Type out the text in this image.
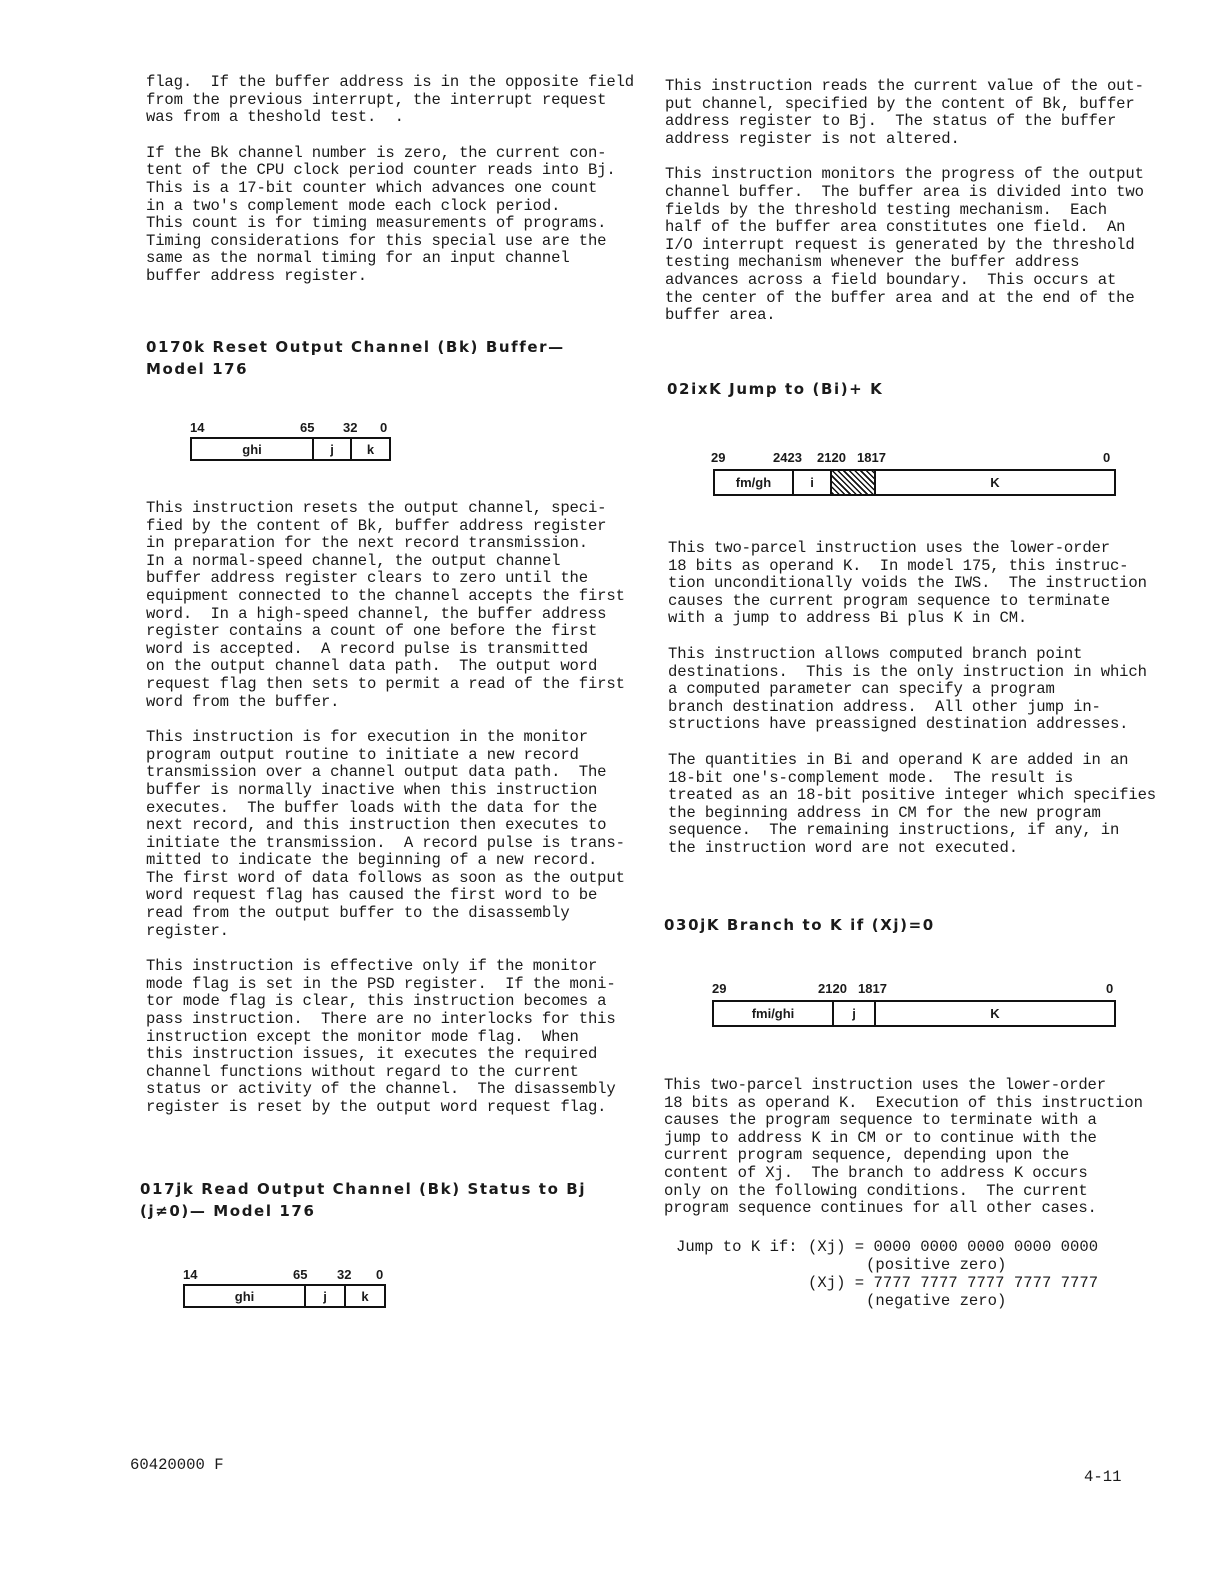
flag.  If the buffer address is in the opposite field
from the previous interrupt, the interrupt request
was from a theshold test.  .

If the Bk channel number is zero, the current con-
tent of the CPU clock period counter reads into Bj.
This is a 17-bit counter which advances one count
in a two's complement mode each clock period.
This count is for timing measurements of programs.
Timing considerations for this special use are the
same as the normal timing for an input channel
buffer address register.

0170k Reset Output Channel (Bk) Buffer—
Model 176
14	65 32 0
ghi	j	k

This instruction resets the output channel, speci-
fied by the content of Bk, buffer address register
in preparation for the next record transmission.
In a normal-speed channel, the output channel
buffer address register clears to zero until the
equipment connected to the channel accepts the first
word.  In a high-speed channel, the buffer address
register contains a count of one before the first
word is accepted.  A record pulse is transmitted
on the output channel data path.  The output word
request flag then sets to permit a read of the first
word from the buffer.

This instruction is for execution in the monitor
program output routine to initiate a new record
transmission over a channel output data path.  The
buffer is normally inactive when this instruction
executes.  The buffer loads with the data for the
next record, and this instruction then executes to
initiate the transmission.  A record pulse is trans-
mitted to indicate the beginning of a new record.
The first word of data follows as soon as the output
word request flag has caused the first word to be
read from the output buffer to the disassembly
register.

This instruction is effective only if the monitor
mode flag is set in the PSD register.  If the moni-
tor mode flag is clear, this instruction becomes a
pass instruction.  There are no interlocks for this
instruction except the monitor mode flag.  When
this instruction issues, it executes the required
channel functions without regard to the current
status or activity of the channel.  The disassembly
register is reset by the output word request flag.

017jk Read Output Channel (Bk) Status to Bj
(j≠0)— Model 176
14	65 32 0
ghi	j	k
60420000 F

This instruction reads the current value of the out-
put channel, specified by the content of Bk, buffer
address register to Bj.  The status of the buffer
address register is not altered.

This instruction monitors the progress of the output
channel buffer.  The buffer area is divided into two
fields by the threshold testing mechanism.  Each
half of the buffer area constitutes one field.  An
I/O interrupt request is generated by the threshold
testing mechanism whenever the buffer address
advances across a field boundary.  This occurs at
the center of the buffer area and at the end of the
buffer area.

02ixK Jump to (Bi)+ K
29	2423 2120 1817	0
fm/gh	i	K

This two-parcel instruction uses the lower-order
18 bits as operand K.  In model 175, this instruc-
tion unconditionally voids the IWS.  The instruction
causes the current program sequence to terminate
with a jump to address Bi plus K in CM.

This instruction allows computed branch point
destinations.  This is the only instruction in which
a computed parameter can specify a program
branch destination address.  All other jump in-
structions have preassigned destination addresses.

The quantities in Bi and operand K are added in an
18-bit one's-complement mode.  The result is
treated as an 18-bit positive integer which specifies
the beginning address in CM for the new program
sequence.  The remaining instructions, if any, in
the instruction word are not executed.

030jK Branch to K if (Xj)=0
29	2120 1817	0
fmi/ghi	j	K

This two-parcel instruction uses the lower-order
18 bits as operand K.  Execution of this instruction
causes the program sequence to terminate with a
jump to address K in CM or to continue with the
current program sequence, depending upon the
content of Xj.  The branch to address K occurs
only on the following conditions.  The current
program sequence continues for all other cases.

Jump to K if: (Xj) = 0000 0000 0000 0000 0000
(positive zero)
(Xj) = 7777 7777 7777 7777 7777
(negative zero)
4-11
